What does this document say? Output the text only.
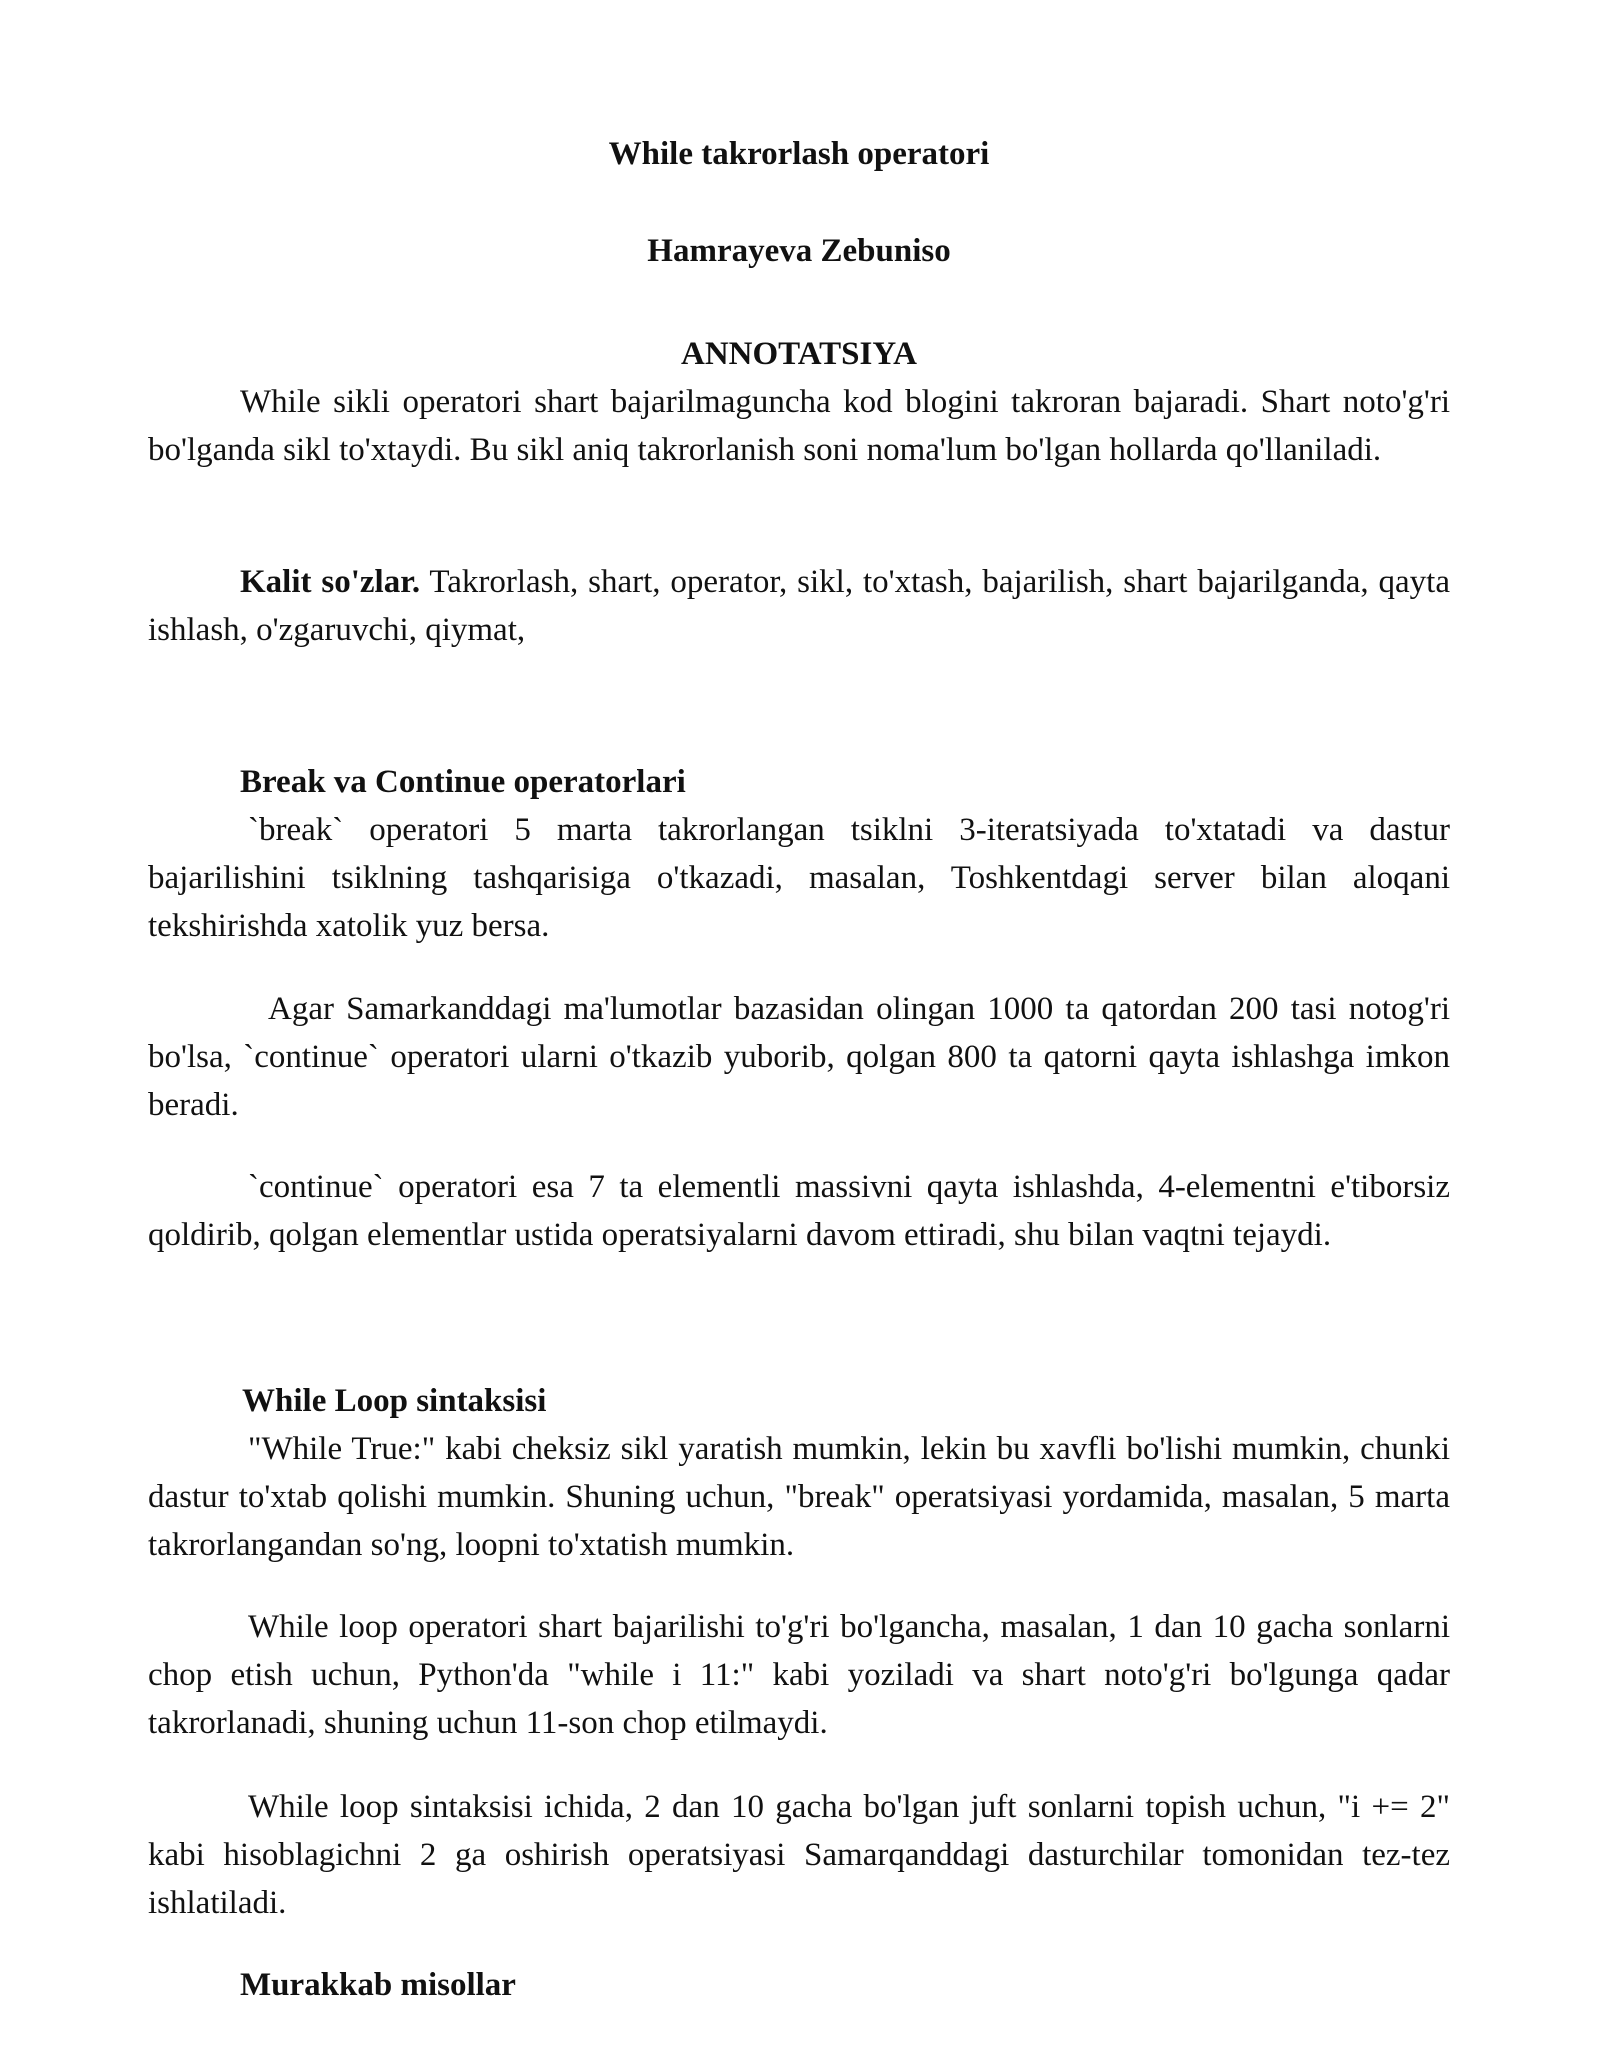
While takrorlash operatori
Hamrayeva Zebuniso
ANNOTATSIYA

While sikli operatori shart bajarilmaguncha kod blogini takroran bajaradi. Shart noto'g'ri bo'lganda sikl to'xtaydi. Bu sikl aniq takrorlanish soni noma'lum bo'lgan hollarda qo'llaniladi.

Kalit so'zlar. Takrorlash, shart, operator, sikl, to'xtash, bajarilish, shart bajarilganda, qayta ishlash, o'zgaruvchi, qiymat,

Break va Continue operatorlari

`break` operatori 5 marta takrorlangan tsiklni 3-iteratsiyada to'xtatadi va dastur bajarilishini tsiklning tashqarisiga o'tkazadi, masalan, Toshkentdagi server bilan aloqani tekshirishda xatolik yuz bersa.

Agar Samarkanddagi ma'lumotlar bazasidan olingan 1000 ta qatordan 200 tasi notog'ri bo'lsa, `continue` operatori ularni o'tkazib yuborib, qolgan 800 ta qatorni qayta ishlashga imkon beradi.

`continue` operatori esa 7 ta elementli massivni qayta ishlashda, 4-elementni e'tiborsiz qoldirib, qolgan elementlar ustida operatsiyalarni davom ettiradi, shu bilan vaqtni tejaydi.

While Loop sintaksisi

"While True:" kabi cheksiz sikl yaratish mumkin, lekin bu xavfli bo'lishi mumkin, chunki dastur to'xtab qolishi mumkin. Shuning uchun, "break" operatsiyasi yordamida, masalan, 5 marta takrorlangandan so'ng, loopni to'xtatish mumkin.

While loop operatori shart bajarilishi to'g'ri bo'lgancha, masalan, 1 dan 10 gacha sonlarni chop etish uchun, Python'da "while i 11:" kabi yoziladi va shart noto'g'ri bo'lgunga qadar takrorlanadi, shuning uchun 11-son chop etilmaydi.

While loop sintaksisi ichida, 2 dan 10 gacha bo'lgan juft sonlarni topish uchun, "i += 2" kabi hisoblagichni 2 ga oshirish operatsiyasi Samarqanddagi dasturchilar tomonidan tez-tez ishlatiladi.

Murakkab misollar
